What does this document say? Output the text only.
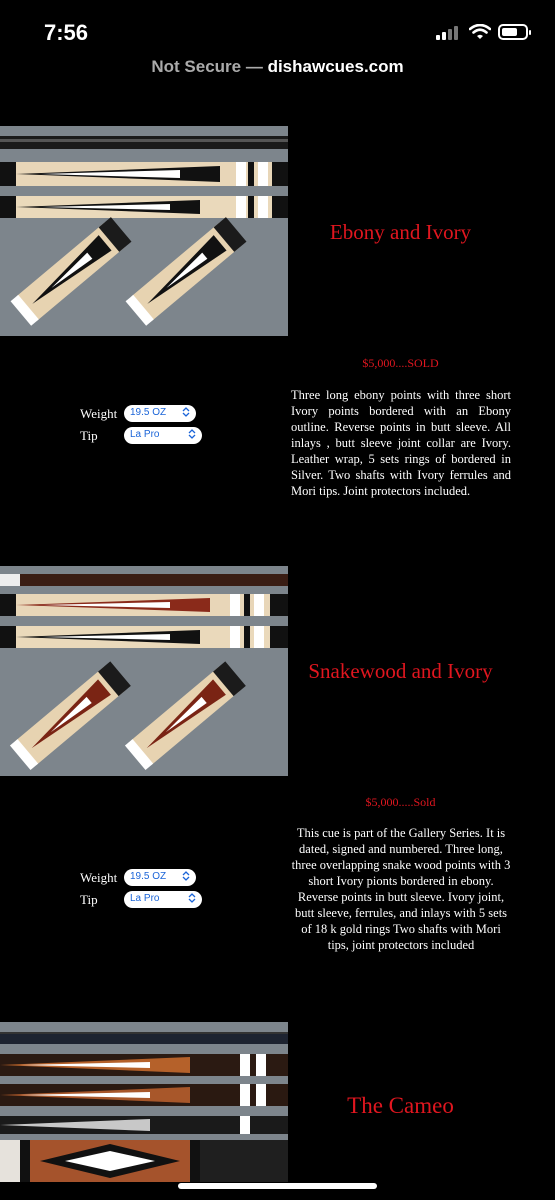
7:56
Not Secure — dishawcues.com
Ebony and Ivory
$5,000....SOLD
Weight	19.5 OZ
Tip	La Pro
Three long ebony points with three short Ivory points bordered with an Ebony outline. Reverse points in butt sleeve. All inlays , butt sleeve joint collar are Ivory. Leather wrap, 5 sets rings of bordered in Silver. Two shafts with Ivory ferrules and Mori tips. Joint protectors included.
Snakewood and Ivory
$5,000.....Sold
Weight	19.5 OZ
Tip	La Pro
This cue is part of the Gallery Series. It is dated, signed and numbered. Three long, three overlapping snake wood points with 3 short Ivory pionts bordered in ebony. Reverse points in butt sleeve. Ivory joint, butt sleeve, ferrules, and inlays with 5 sets of 18 k gold rings Two shafts with Mori tips, joint protectors included
The Cameo
